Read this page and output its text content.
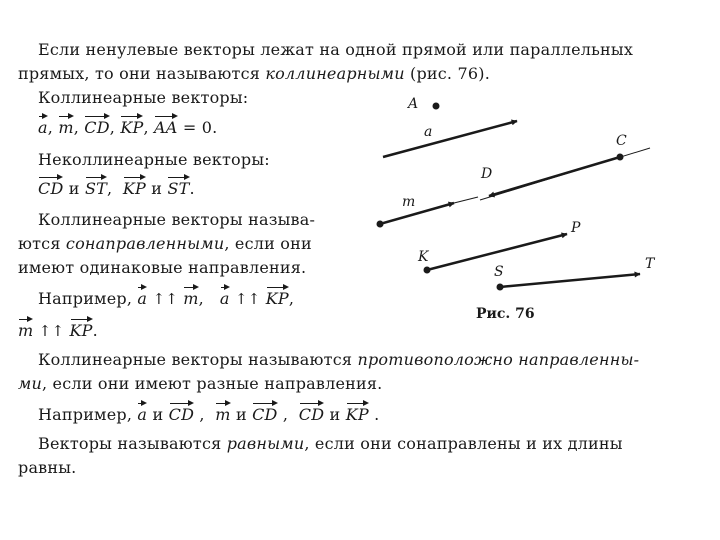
Если ненулевые векторы лежат на одной прямой или параллельных
прямых, то они называются коллинеарными (рис. 76).
Коллинеарные векторы:
a, m, CD, KP, AA = 0.
Неколлинеарные векторы:
CD и ST,  KP и ST.
Коллинеарные векторы называ-
ются сонаправленными, если они
имеют одинаковые направления.
Например, a ↑↑ m,   a ↑↑ KP,
m ↑↑ KP.
Коллинеарные векторы называются противоположно направленны-
ми, если они имеют разные направления.
Например, a и CD ,  m и CD ,  CD и KP .
Векторы называются равными, если они сонаправлены и их длины
равны.
A
a
C
D
m
K
P
S	T
Рис. 76
